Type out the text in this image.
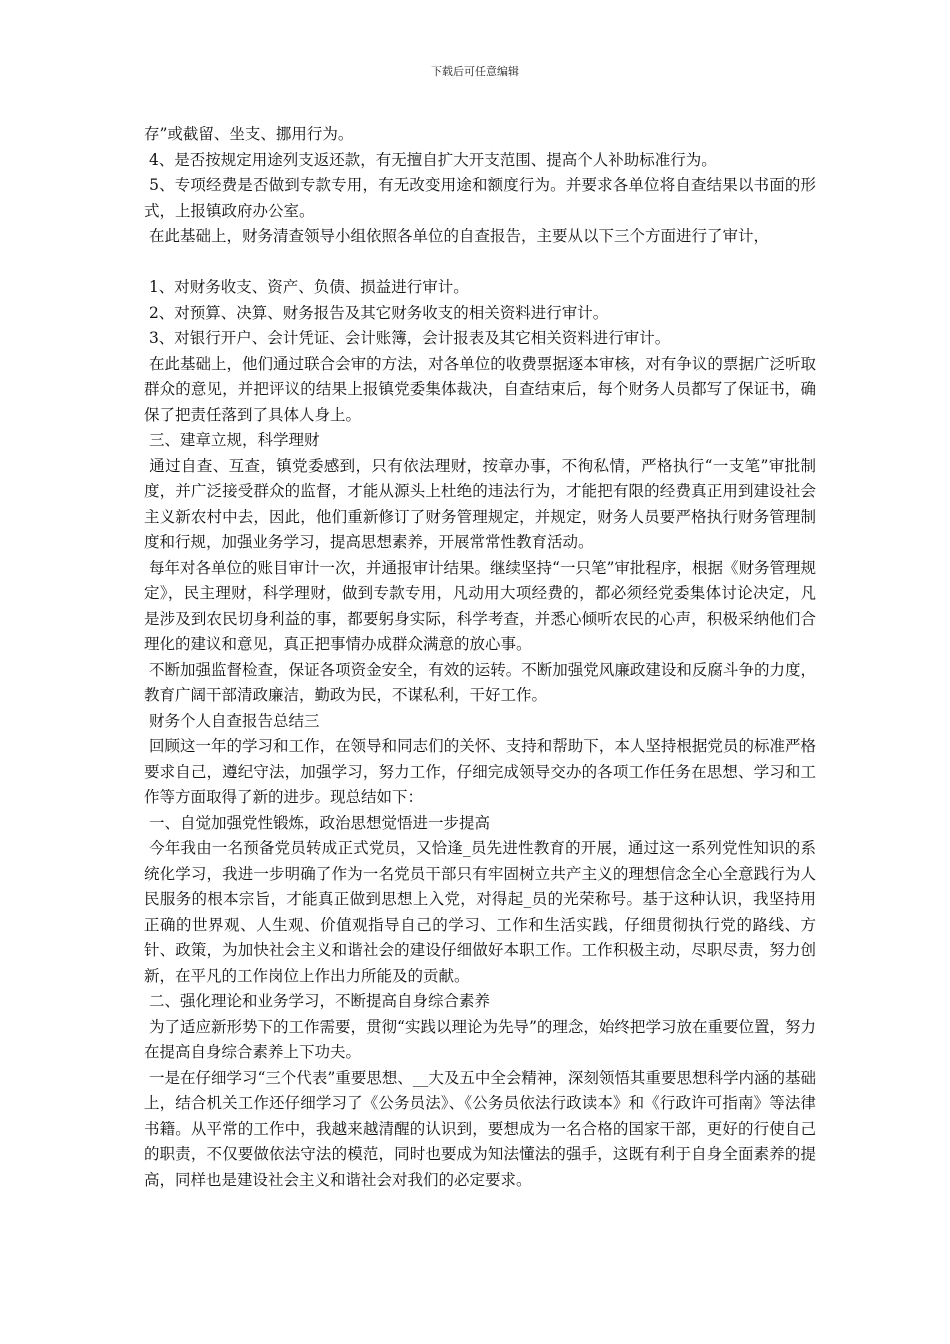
下载后可任意编辑

存”或截留、坐支、挪用行为。

4、是否按规定用途列支返还款，有无擅自扩大开支范围、提高个人补助标准行为。

5、专项经费是否做到专款专用，有无改变用途和额度行为。并要求各单位将自查结果以书面的形式，上报镇政府办公室。

在此基础上，财务清查领导小组依照各单位的自查报告，主要从以下三个方面进行了审计，

1、对财务收支、资产、负债、损益进行审计。

2、对预算、决算、财务报告及其它财务收支的相关资料进行审计。

3、对银行开户、会计凭证、会计账簿，会计报表及其它相关资料进行审计。

在此基础上，他们通过联合会审的方法，对各单位的收费票据逐本审核，对有争议的票据广泛听取群众的意见，并把评议的结果上报镇党委集体裁决，自查结束后，每个财务人员都写了保证书，确保了把责任落到了具体人身上。

三、建章立规，科学理财

通过自查、互查，镇党委感到，只有依法理财，按章办事，不徇私情，严格执行“一支笔”审批制度，并广泛接受群众的监督，才能从源头上杜绝的违法行为，才能把有限的经费真正用到建设社会主义新农村中去，因此，他们重新修订了财务管理规定，并规定，财务人员要严格执行财务管理制度和行规，加强业务学习，提高思想素养，开展常常性教育活动。

每年对各单位的账目审计一次，并通报审计结果。继续坚持“一只笔”审批程序，根据《财务管理规定》，民主理财，科学理财，做到专款专用，凡动用大项经费的，都必须经党委集体讨论决定，凡是涉及到农民切身利益的事，都要躬身实际，科学考查，并悉心倾听农民的心声，积极采纳他们合理化的建议和意见，真正把事情办成群众满意的放心事。

不断加强监督检查，保证各项资金安全，有效的运转。不断加强党风廉政建设和反腐斗争的力度，教育广阔干部清政廉洁，勤政为民，不谋私利，干好工作。

财务个人自查报告总结三

回顾这一年的学习和工作，在领导和同志们的关怀、支持和帮助下，本人坚持根据党员的标准严格要求自己，遵纪守法，加强学习，努力工作，仔细完成领导交办的各项工作任务在思想、学习和工作等方面取得了新的进步。现总结如下：

一、自觉加强党性锻炼，政治思想觉悟进一步提高

今年我由一名预备党员转成正式党员，又恰逢_员先进性教育的开展，通过这一系列党性知识的系统化学习，我进一步明确了作为一名党员干部只有牢固树立共产主义的理想信念全心全意践行为人民服务的根本宗旨，才能真正做到思想上入党，对得起_员的光荣称号。基于这种认识，我坚持用正确的世界观、人生观、价值观指导自己的学习、工作和生活实践，仔细贯彻执行党的路线、方针、政策，为加快社会主义和谐社会的建设仔细做好本职工作。工作积极主动，尽职尽责，努力创新，在平凡的工作岗位上作出力所能及的贡献。

二、强化理论和业务学习，不断提高自身综合素养

为了适应新形势下的工作需要，贯彻“实践以理论为先导”的理念，始终把学习放在重要位置，努力在提高自身综合素养上下功夫。

一是在仔细学习“三个代表”重要思想、__大及五中全会精神，深刻领悟其重要思想科学内涵的基础上，结合机关工作还仔细学习了《公务员法》、《公务员依法行政读本》和《行政许可指南》等法律书籍。从平常的工作中，我越来越清醒的认识到，要想成为一名合格的国家干部，更好的行使自己的职责，不仅要做依法守法的模范，同时也要成为知法懂法的强手，这既有利于自身全面素养的提高，同样也是建设社会主义和谐社会对我们的必定要求。
